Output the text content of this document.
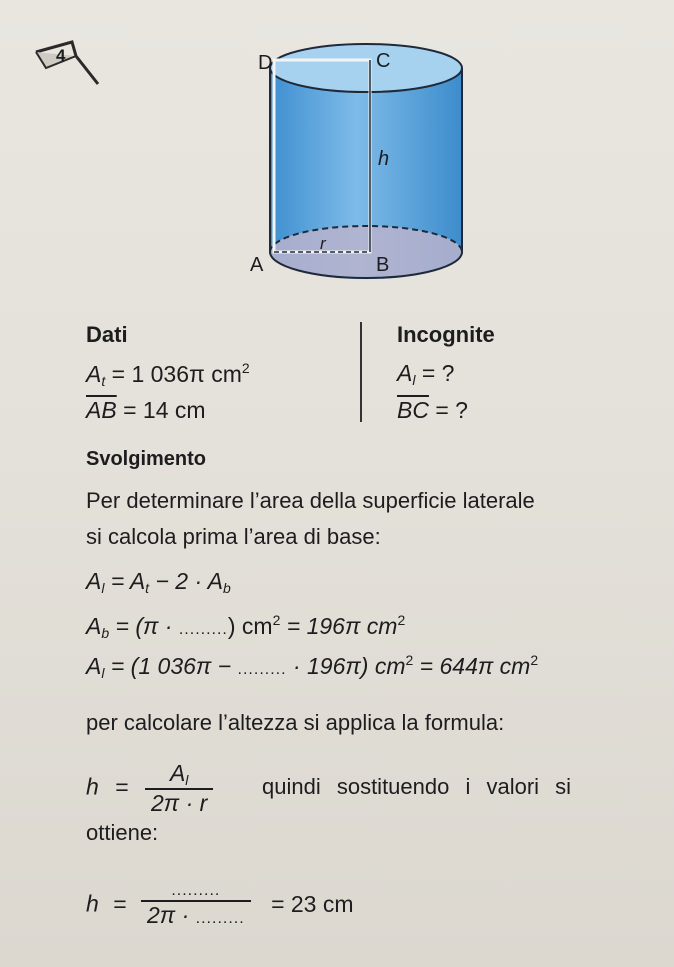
4	D	C
h
A
r
B
Dati
$A_t = 1$ 036π $cm^2$
$\overline{AB} = 14$ cm
Incognite
$A_l$ = ?
$\overline{BC}$ = ?
Svolgimento
Per determinare l’area della superficie laterale
si calcola prima l’area di base:
$A_l = A_t - 2 \cdot A_b$
$A_b = (\pi$ · .........) $cm^2 = 196\pi$ $cm^2$
$A_l = (1$ 036π − ......... · 196π) $cm^2 = 644\pi$ $cm^2$
per calcolare l’altezza si applica la formula:
$h = \frac{A_l}{2\pi \cdot r}$ quindi sostituendo i valori si
ottiene:
$h = \frac{.........}{2\pi \cdot .........} = 23$ cm
